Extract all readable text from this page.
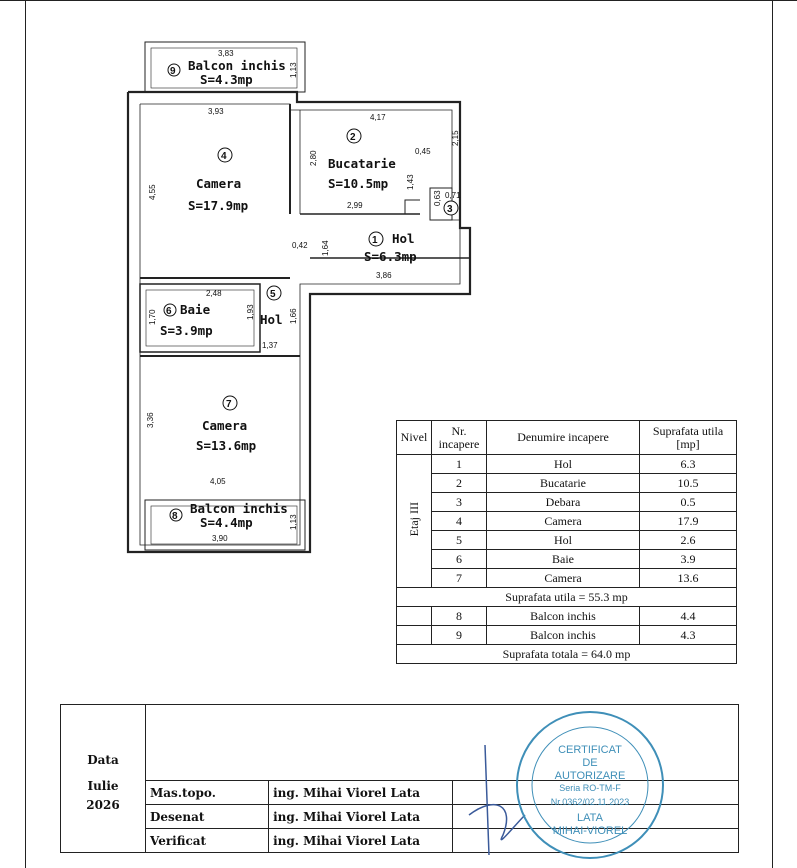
9 Balcon inchis
S=4.3mp
4
Camera
S=17.9mp
2
Bucatarie
S=10.5mp
3
1 Hol
S=6.3mp
5
Hol
6 Baie
S=3.9mp
7
Camera
S=13.6mp
8
Balcon inchis
S=4.4mp
3,83
1,13
3,93
4,17
2,15
2,80	0,45
1,43
0,71
0,63
2,99
4,55
0,42 1,64
3,86
2,48
1,70	1,93	1,66
1,37
3,36
4,05
1,13
3,90
Nivel	Nr. incapere	Denumire incapere	Suprafata utila [mp]
Etaj III	1	Hol	6.3
	2	Bucatarie	10.5
	3	Debara	0.5
	4	Camera	17.9
	5	Hol	2.6
	6	Baie	3.9
	7	Camera	13.6
Suprafata utila = 55.3 mp			
	8	Balcon inchis	4.4
	9	Balcon inchis	4.3
Suprafata totala = 64.0 mp			
Data
Iulie
2026			

	Mas.topo.	ing. Mihai Viorel Lata	
	Desenat	ing. Mihai Viorel Lata	
	Verificat	ing. Mihai Viorel Lata	
CERTIFICAT
DE
AUTORIZARE
Seria RO-TM-F
Nr.0362/02.11.2023
LATA
MIHAI-VIOREL
